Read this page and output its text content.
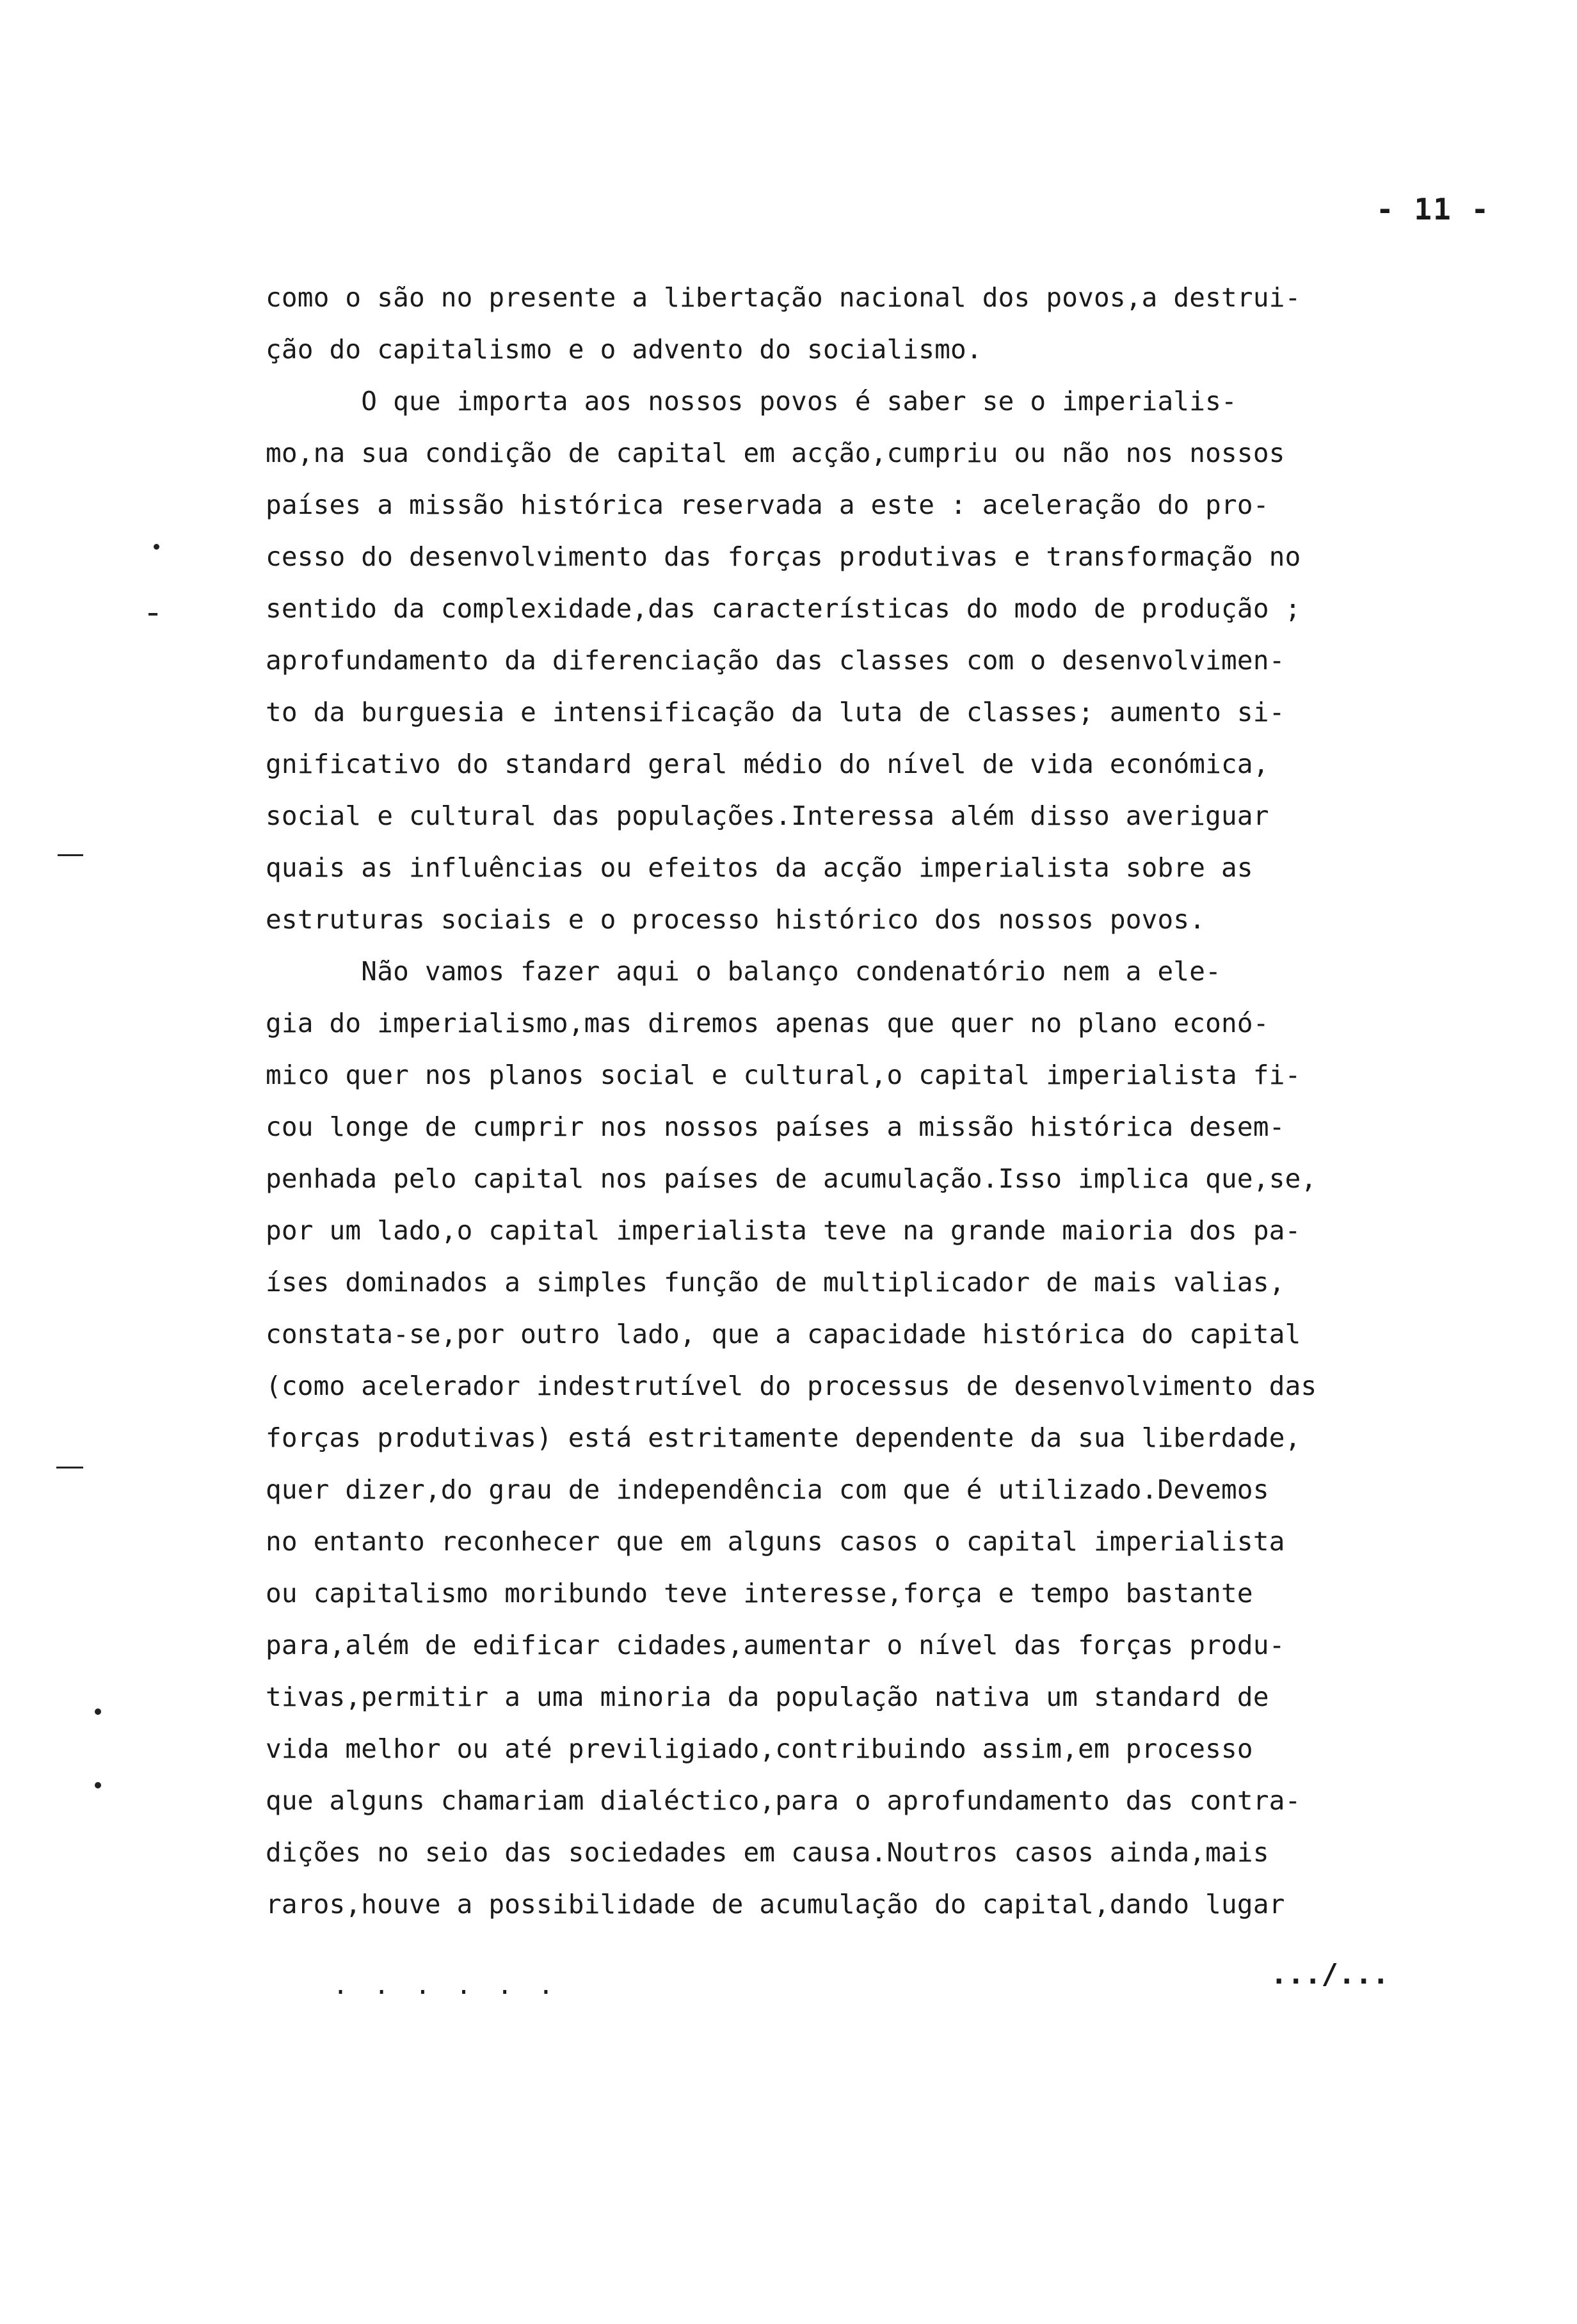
- 11 -
como o são no presente a libertação nacional dos povos,a destrui-
ção do capitalismo e o advento do socialismo.
O que importa aos nossos povos é saber se o imperialis-
mo,na sua condição de capital em acção,cumpriu ou não nos nossos
países a missão histórica reservada a este : aceleração do pro-
cesso do desenvolvimento das forças produtivas e transformação no
sentido da complexidade,das características do modo de produção ;
aprofundamento da diferenciação das classes com o desenvolvimen-
to da burguesia e intensificação da luta de classes; aumento si-
gnificativo do standard geral médio do nível de vida económica,
social e cultural das populações.Interessa além disso averiguar
quais as influências ou efeitos da acção imperialista sobre as
estruturas sociais e o processo histórico dos nossos povos.
Não vamos fazer aqui o balanço condenatório nem a ele-
gia do imperialismo,mas diremos apenas que quer no plano econó-
mico quer nos planos social e cultural,o capital imperialista fi-
cou longe de cumprir nos nossos países a missão histórica desem-
penhada pelo capital nos países de acumulação.Isso implica que,se,
por um lado,o capital imperialista teve na grande maioria dos pa-
íses dominados a simples função de multiplicador de mais valias,
constata-se,por outro lado, que a capacidade histórica do capital
(como acelerador indestrutível do processus de desenvolvimento das
forças produtivas) está estritamente dependente da sua liberdade,
quer dizer,do grau de independência com que é utilizado.Devemos
no entanto reconhecer que em alguns casos o capital imperialista
ou capitalismo moribundo teve interesse,força e tempo bastante
para,além de edificar cidades,aumentar o nível das forças produ-
tivas,permitir a uma minoria da população nativa um standard de
vida melhor ou até previligiado,contribuindo assim,em processo
que alguns chamariam dialéctico,para o aprofundamento das contra-
dições no seio das sociedades em causa.Noutros casos ainda,mais
raros,houve a possibilidade de acumulação do capital,dando lugar
. . . . . .	.../...
